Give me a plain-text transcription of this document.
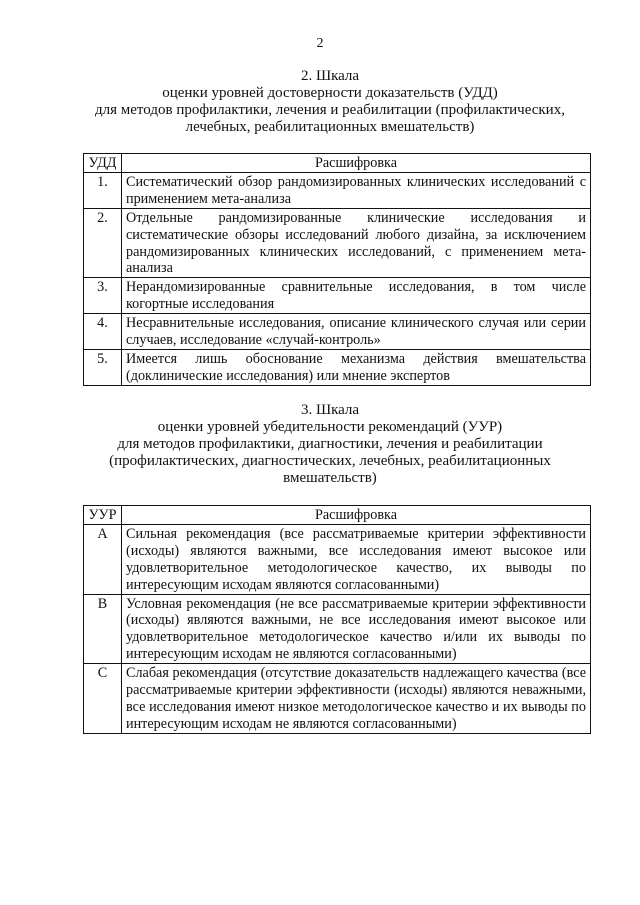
2
2. Шкала
оценки уровней достоверности доказательств (УДД)
для методов профилактики, лечения и реабилитации (профилактических,
лечебных, реабилитационных вмешательств)
УДД	Расшифровка
1.	Систематический обзор рандомизированных клинических исследований с применением мета-анализа
2.	Отдельные рандомизированные клинические исследования и систематические обзоры исследований любого дизайна, за исключением рандомизированных клинических исследований, с применением мета-анализа
3.	Нерандомизированные сравнительные исследования, в том числе когортные исследования
4.	Несравнительные исследования, описание клинического случая или серии случаев, исследование «случай-контроль»
5.	Имеется лишь обоснование механизма действия вмешательства (доклинические исследования) или мнение экспертов
3. Шкала
оценки уровней убедительности рекомендаций (УУР)
для методов профилактики, диагностики, лечения и реабилитации
(профилактических, диагностических, лечебных, реабилитационных
вмешательств)
УУР	Расшифровка
A	Сильная рекомендация (все рассматриваемые критерии эффективности (исходы) являются важными, все исследования имеют высокое или удовлетворительное методологическое качество, их выводы по интересующим исходам являются согласованными)
B	Условная рекомендация (не все рассматриваемые критерии эффективности (исходы) являются важными, не все исследования имеют высокое или удовлетворительное методологическое качество и/или их выводы по интересующим исходам не являются согласованными)
C	Слабая рекомендация (отсутствие доказательств надлежащего качества (все рассматриваемые критерии эффективности (исходы) являются неважными, все исследования имеют низкое методологическое качество и их выводы по интересующим исходам не являются согласованными)
